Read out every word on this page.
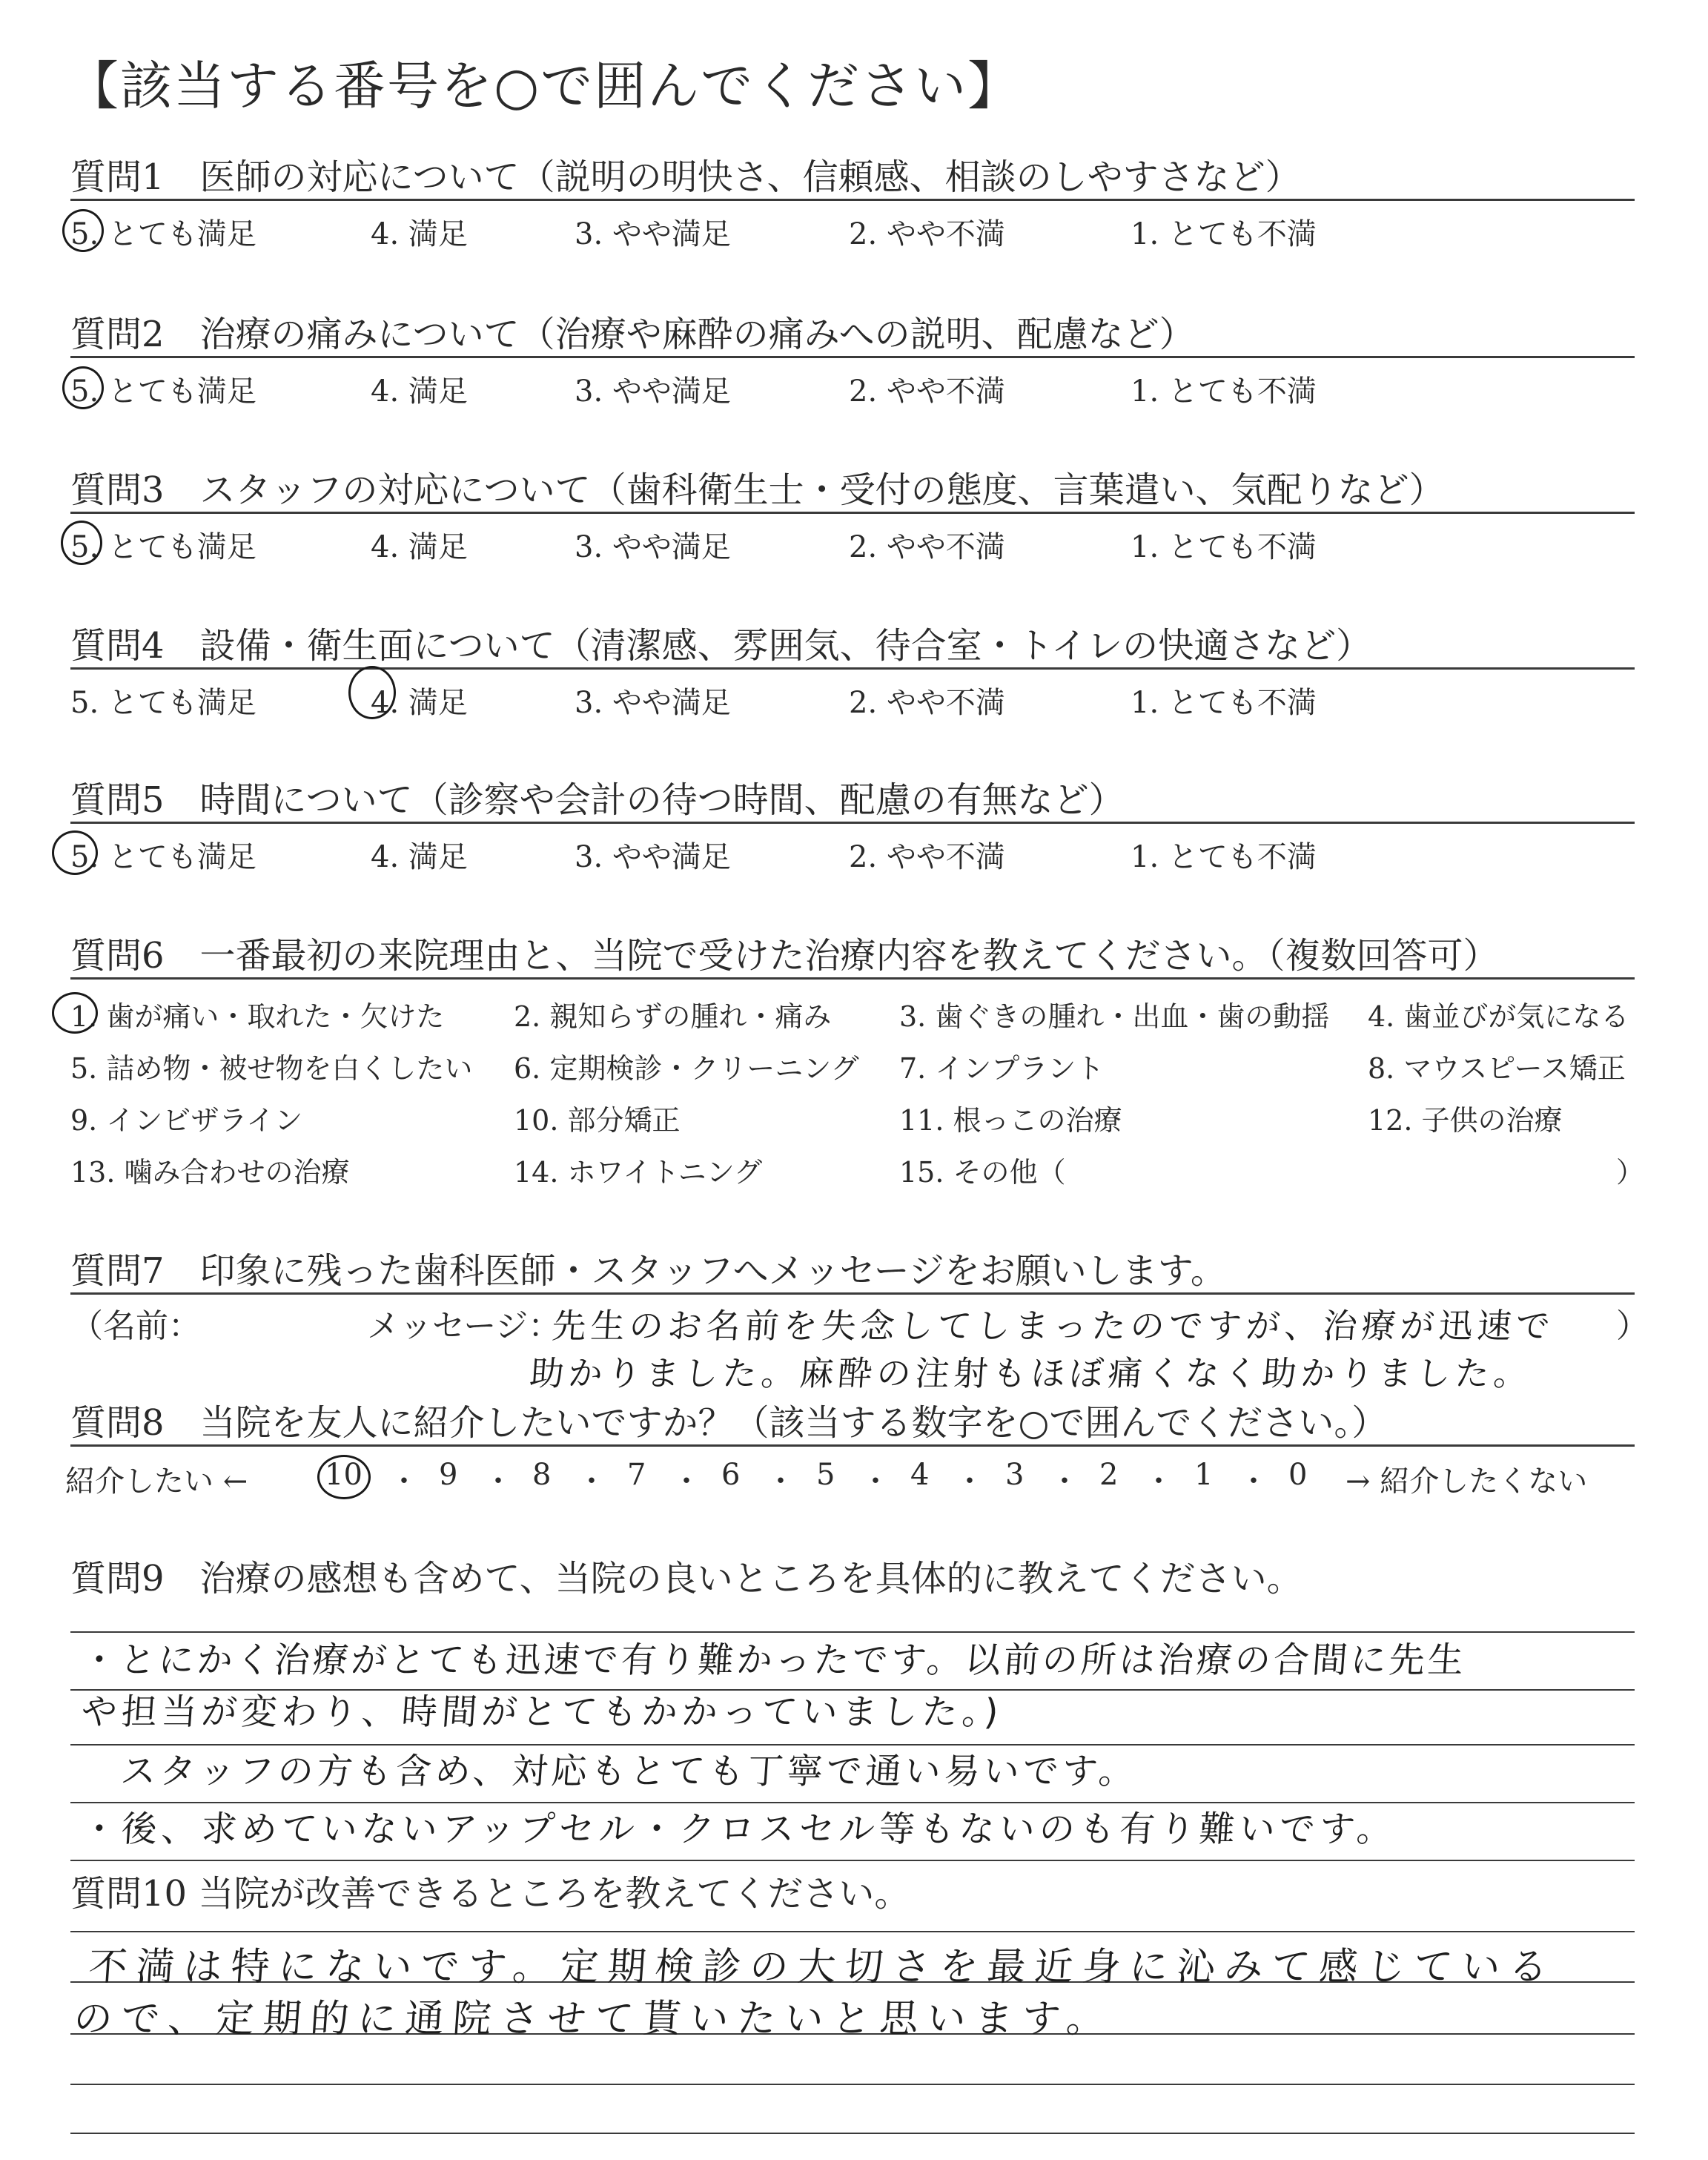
【該当する番号を○で囲んでください】
質問1　医師の対応について（説明の明快さ、信頼感、相談のしやすさなど）
5. とても満足	4. 満足	3. やや満足	2. やや不満	1. とても不満
質問2　治療の痛みについて（治療や麻酔の痛みへの説明、配慮など）
5. とても満足	4. 満足	3. やや満足	2. やや不満	1. とても不満
質問3　スタッフの対応について（歯科衛生士・受付の態度、言葉遣い、気配りなど）
5. とても満足	4. 満足	3. やや満足	2. やや不満	1. とても不満
質問4　設備・衛生面について（清潔感、雰囲気、待合室・トイレの快適さなど）
5. とても満足	4. 満足	3. やや満足	2. やや不満	1. とても不満
質問5　時間について（診察や会計の待つ時間、配慮の有無など）
5. とても満足	4. 満足	3. やや満足	2. やや不満	1. とても不満
質問6　一番最初の来院理由と、当院で受けた治療内容を教えてください。（複数回答可）
1. 歯が痛い・取れた・欠けた 2. 親知らずの腫れ・痛み 3. 歯ぐきの腫れ・出血・歯の動揺 4. 歯並びが気になる
5. 詰め物・被せ物を白くしたい 6. 定期検診・クリーニング 7. インプラント	8. マウスピース矯正
9. インビザライン	10. 部分矯正	11. 根っこの治療	12. 子供の治療
13. 噛み合わせの治療	14. ホワイトニング	15. その他（	）
質問7　印象に残った歯科医師・スタッフへメッセージをお願いします。
（名前：	メッセージ：	）
先生のお名前を失念してしまったのですが、治療が迅速で
助かりました。麻酔の注射もほぼ痛くなく助かりました。
質問8　当院を友人に紹介したいですか？（該当する数字を○で囲んでください。）
紹介したい ←	10 ・ 9 ・ 8 ・ 7 ・ 6 ・ 5 ・ 4 ・ 3 ・ 2 ・ 1 ・ 0 → 紹介したくない
質問9　治療の感想も含めて、当院の良いところを具体的に教えてください。
・とにかく治療がとても迅速で有り難かったです。以前の所は治療の合間に先生
や担当が変わり、時間がとてもかかっていました。)
　スタッフの方も含め、対応もとても丁寧で通い易いです。
・後、求めていないアップセル・クロスセル等もないのも有り難いです。
質問10 当院が改善できるところを教えてください。
不満は特にないです。定期検診の大切さを最近身に沁みて感じている
ので、定期的に通院させて貰いたいと思います。
